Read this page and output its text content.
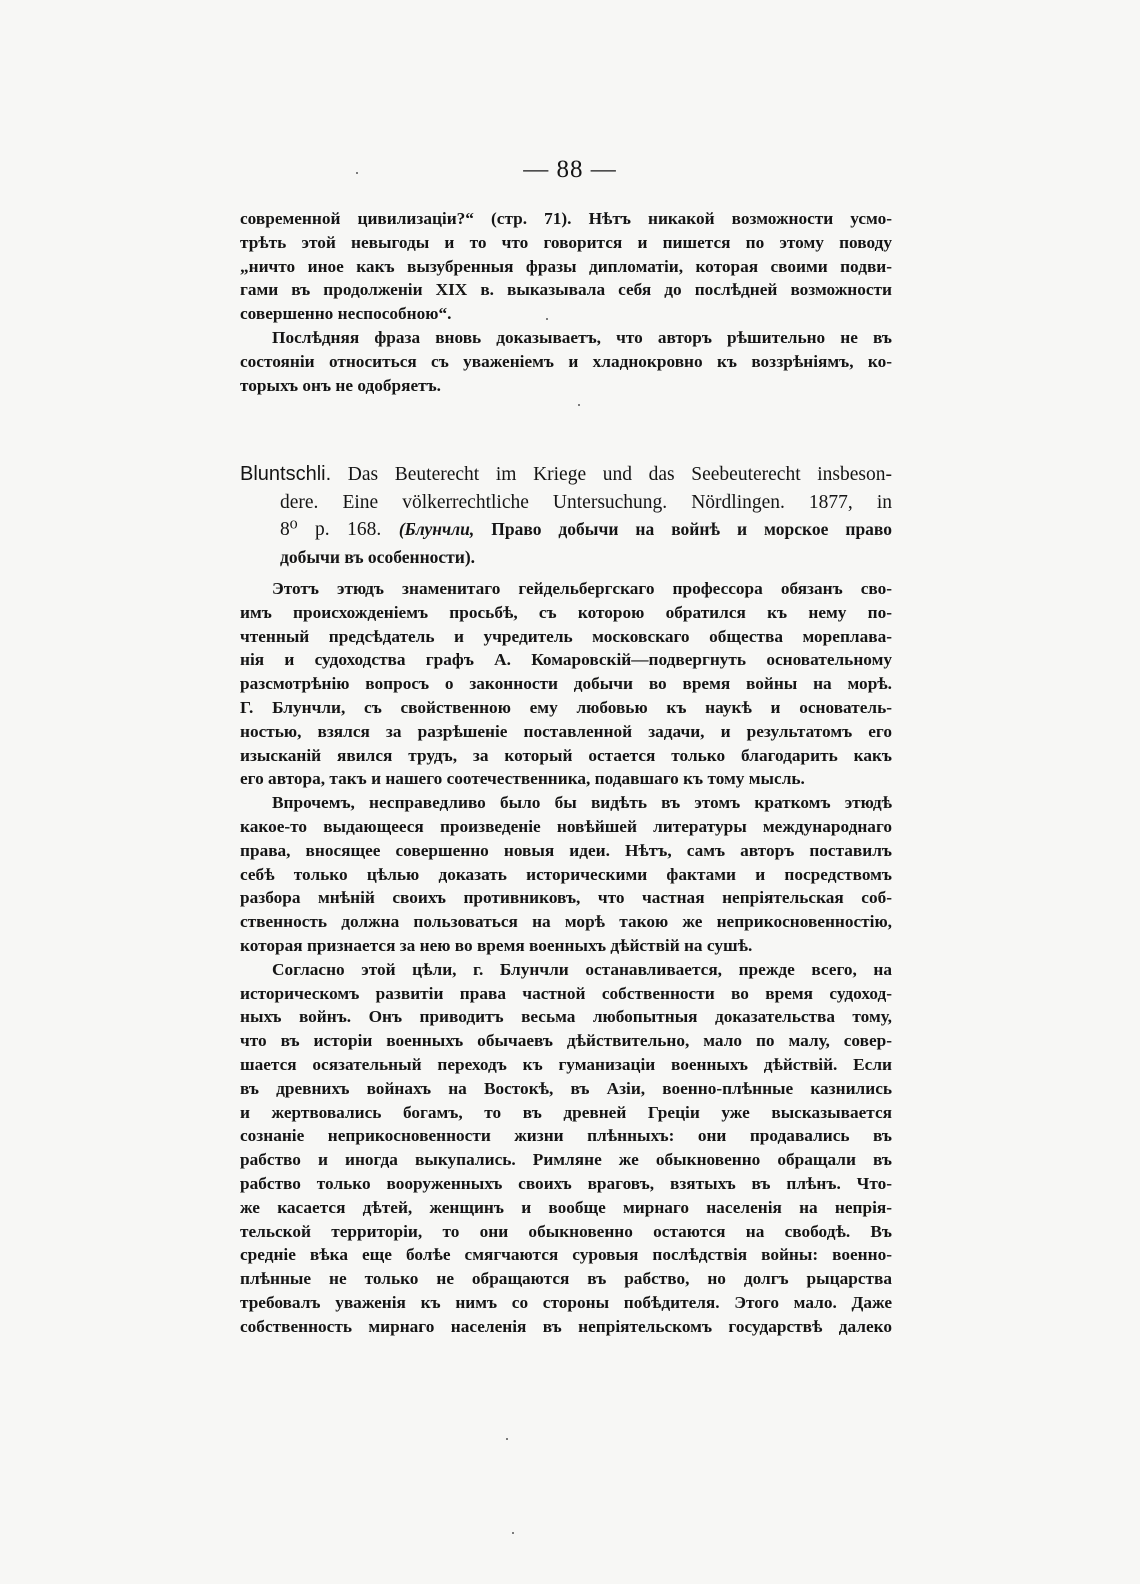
— 88 —
современной цивилизаціи?“ (стр. 71). Нѣтъ никакой возможности усмо-
трѣть этой невыгоды и то что говорится и пишется по этому поводу
„ничто иное какъ вызубренныя фразы дипломатіи, которая своими подви-
гами въ продолженіи XIX в. выказывала себя до послѣдней возможности
совершенно неспособною“.
Послѣдняя фраза вновь доказываетъ, что авторъ рѣшительно не въ
состояніи относиться съ уваженіемъ и хладнокровно къ воззрѣніямъ, ко-
торыхъ онъ не одобряетъ.
Bluntschli. Das Beuterecht im Kriege und das Seebeuterecht insbeson-
dere. Eine völkerrechtliche Untersuchung. Nördlingen. 1877, in
8⁰ p. 168. (Блунчли, Право добычи на войнѣ и морское право
добычи въ особенности).
Этотъ этюдъ знаменитаго гейдельбергскаго профессора обязанъ сво-
имъ происхожденіемъ просьбѣ, съ которою обратился къ нему по-
чтенный предсѣдатель и учредитель московскаго общества мореплава-
нія и судоходства графъ А. Комаровскій—подвергнуть основательному
разсмотрѣнію вопросъ о законности добычи во время войны на морѣ.
Г. Блунчли, съ свойственною ему любовью къ наукѣ и основатель-
ностью, взялся за разрѣшеніе поставленной задачи, и результатомъ его
изысканій явился трудъ, за который остается только благодарить какъ
его автора, такъ и нашего соотечественника, подавшаго къ тому мысль.
Впрочемъ, несправедливо было бы видѣть въ этомъ краткомъ этюдѣ
какое-то выдающееся произведеніе новѣйшей литературы международнаго
права, вносящее совершенно новыя идеи. Нѣтъ, самъ авторъ поставилъ
себѣ только цѣлью доказать историческими фактами и посредствомъ
разбора мнѣній своихъ противниковъ, что частная непріятельская соб-
ственность должна пользоваться на морѣ такою же неприкосновенностію,
которая признается за нею во время военныхъ дѣйствій на сушѣ.
Согласно этой цѣли, г. Блунчли останавливается, прежде всего, на
историческомъ развитіи права частной собственности во время судоход-
ныхъ войнъ. Онъ приводитъ весьма любопытныя доказательства тому,
что въ исторіи военныхъ обычаевъ дѣйствительно, мало по малу, совер-
шается осязательный переходъ къ гуманизаціи военныхъ дѣйствій. Если
въ древнихъ войнахъ на Востокѣ, въ Азіи, военно-плѣнные казнились
и жертвовались богамъ, то въ древней Греціи уже высказывается
сознаніе неприкосновенности жизни плѣнныхъ: они продавались въ
рабство и иногда выкупались. Римляне же обыкновенно обращали въ
рабство только вооруженныхъ своихъ враговъ, взятыхъ въ плѣнъ. Что-
же касается дѣтей, женщинъ и вообще мирнаго населенія на непрія-
тельской территоріи, то они обыкновенно остаются на свободѣ. Въ
средніе вѣка еще болѣе смягчаются суровыя послѣдствія войны: военно-
плѣнные не только не обращаются въ рабство, но долгъ рыцарства
требовалъ уваженія къ нимъ со стороны побѣдителя. Этого мало. Даже
собственность мирнаго населенія въ непріятельскомъ государствѣ далеко
